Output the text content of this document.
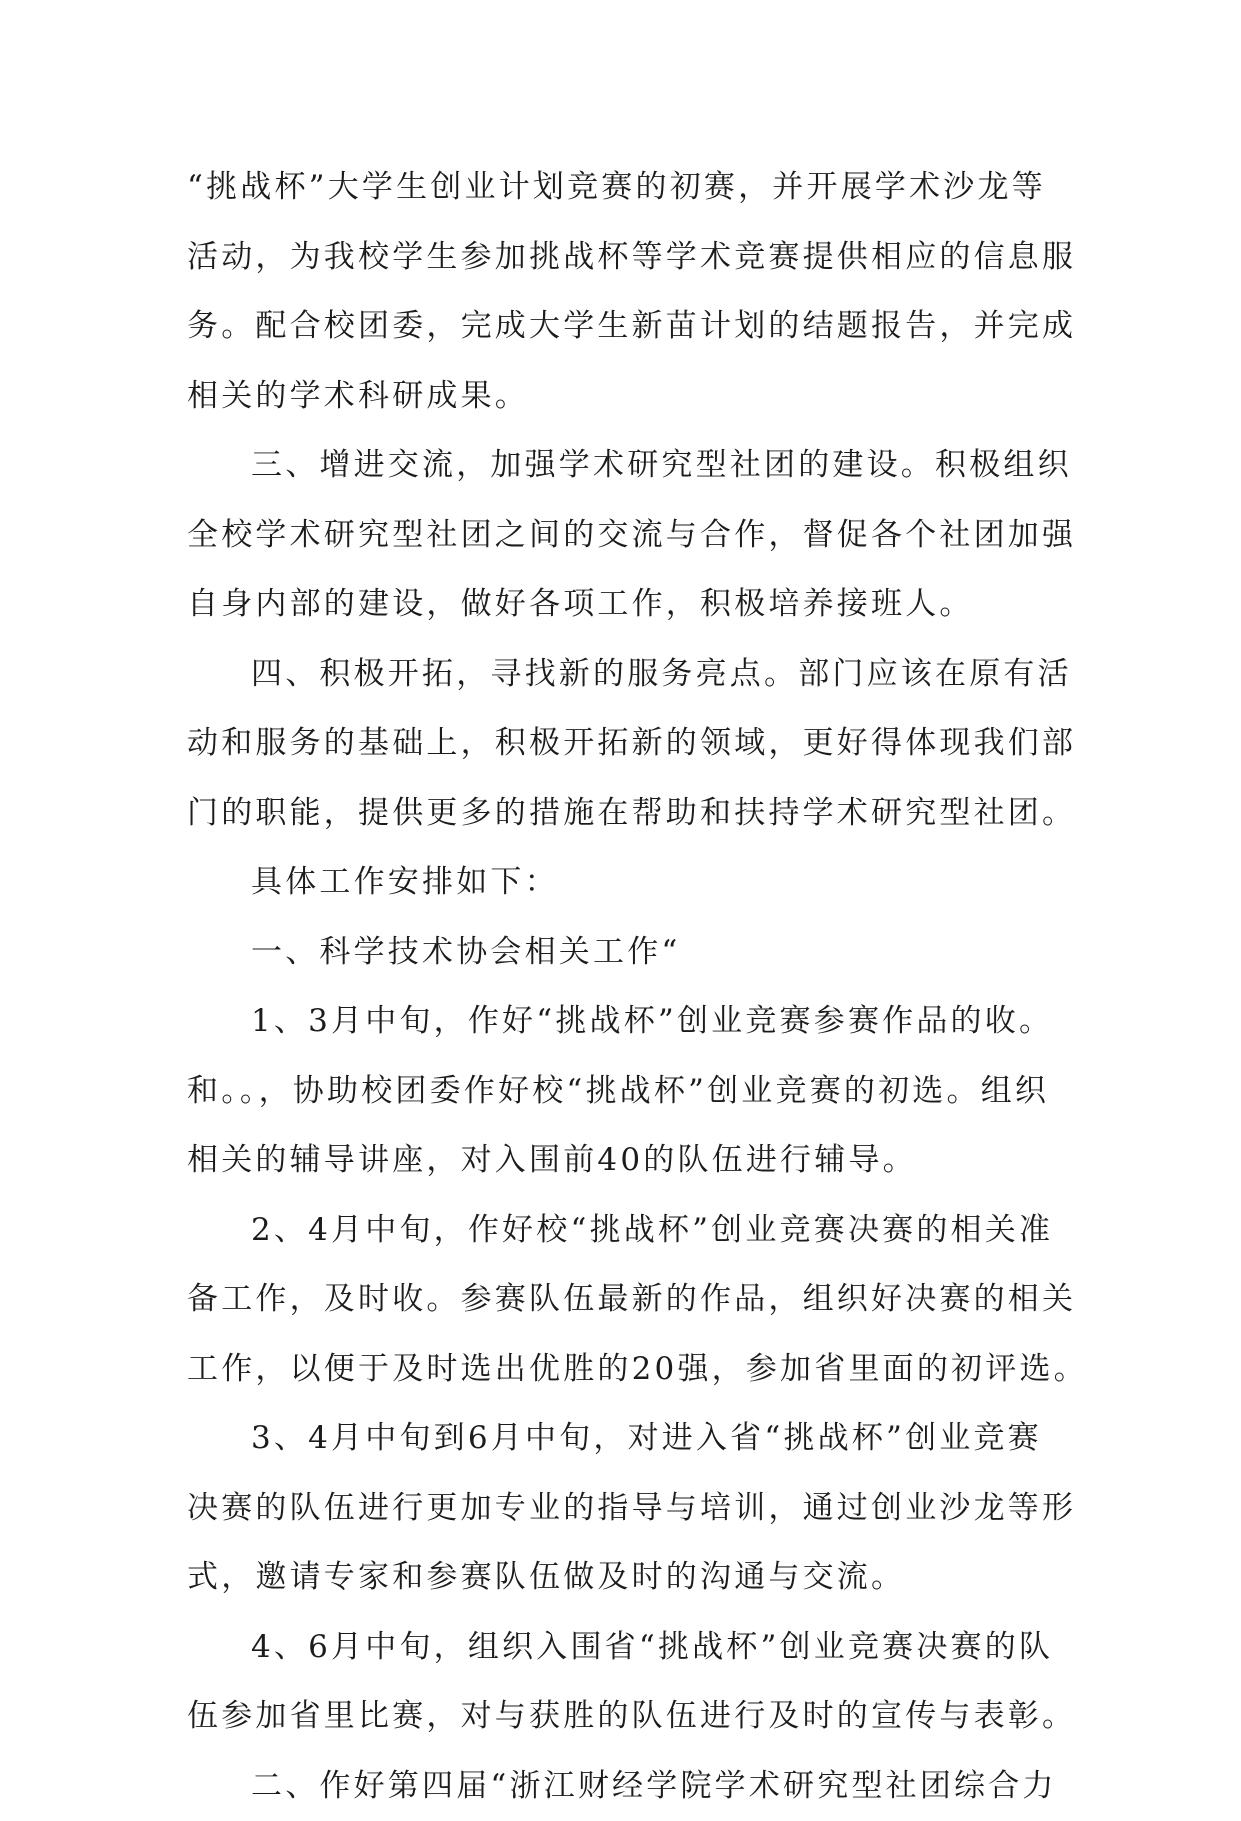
“挑战杯”大学生创业计划竞赛的初赛，并开展学术沙龙等
活动，为我校学生参加挑战杯等学术竞赛提供相应的信息服
务。配合校团委，完成大学生新苗计划的结题报告，并完成
相关的学术科研成果。
三、增进交流，加强学术研究型社团的建设。积极组织
全校学术研究型社团之间的交流与合作，督促各个社团加强
自身内部的建设，做好各项工作，积极培养接班人。
四、积极开拓，寻找新的服务亮点。部门应该在原有活
动和服务的基础上，积极开拓新的领域，更好得体现我们部
门的职能，提供更多的措施在帮助和扶持学术研究型社团。
具体工作安排如下：
一、科学技术协会相关工作“
1、3月中旬，作好“挑战杯”创业竞赛参赛作品的收。
和。。，协助校团委作好校“挑战杯”创业竞赛的初选。组织
相关的辅导讲座，对入围前40的队伍进行辅导。
2、4月中旬，作好校“挑战杯”创业竞赛决赛的相关准
备工作，及时收。参赛队伍最新的作品，组织好决赛的相关
工作，以便于及时选出优胜的20强，参加省里面的初评选。
3、4月中旬到6月中旬，对进入省“挑战杯”创业竞赛
决赛的队伍进行更加专业的指导与培训，通过创业沙龙等形
式，邀请专家和参赛队伍做及时的沟通与交流。
4、6月中旬，组织入围省“挑战杯”创业竞赛决赛的队
伍参加省里比赛，对与获胜的队伍进行及时的宣传与表彰。
二、作好第四届“浙江财经学院学术研究型社团综合力
